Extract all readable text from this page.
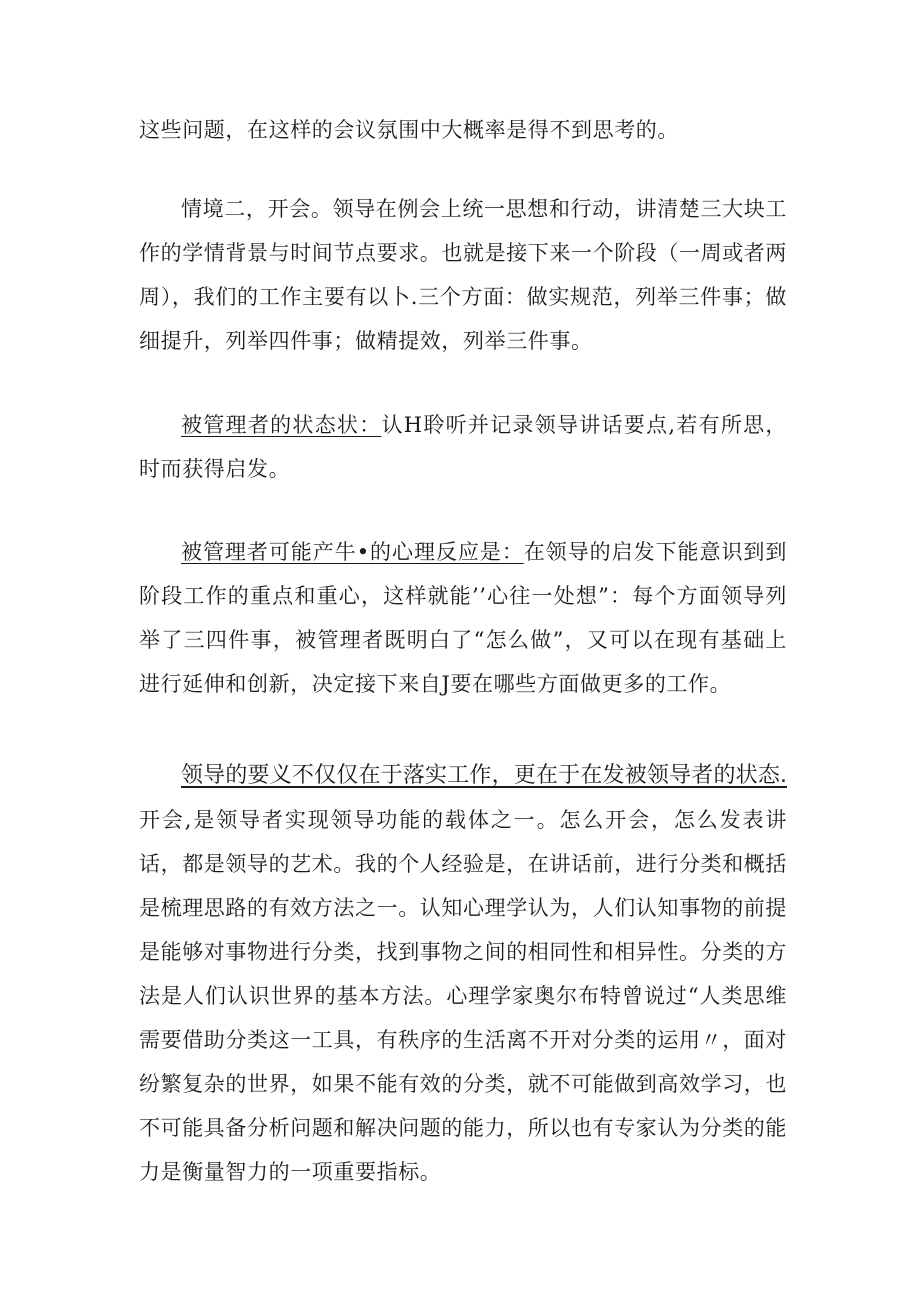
这些问题，在这样的会议氛围中大概率是得不到思考的。

情境二，开会。领导在例会上统一思想和行动，讲清楚三大块工作的学情背景与时间节点要求。也就是接下来一个阶段（一周或者两周），我们的工作主要有以卜.三个方面：做实规范，列举三件事；做细提升，列举四件事；做精提效，列举三件事。

被管理者的状态状：认H聆听并记录领导讲话要点,若有所思，时而获得启发。

被管理者可能产牛•的心理反应是：在领导的启发下能意识到到阶段工作的重点和重心，这样就能’’心往一处想”：每个方面领导列举了三四件事，被管理者既明白了“怎么做”，又可以在现有基础上进行延伸和创新，决定接下来自J要在哪些方面做更多的工作。

领导的要义不仅仅在于落实工作，更在于在发被领导者的状态.开会,是领导者实现领导功能的载体之一。怎么开会，怎么发表讲话，都是领导的艺术。我的个人经验是，在讲话前，进行分类和概括是梳理思路的有效方法之一。认知心理学认为，人们认知事物的前提是能够对事物进行分类，找到事物之间的相同性和相异性。分类的方法是人们认识世界的基本方法。心理学家奥尔布特曾说过“人类思维需要借助分类这一工具，有秩序的生活离不开对分类的运用〃，面对纷繁复杂的世界，如果不能有效的分类，就不可能做到高效学习，也不可能具备分析问题和解决问题的能力，所以也有专家认为分类的能力是衡量智力的一项重要指标。
